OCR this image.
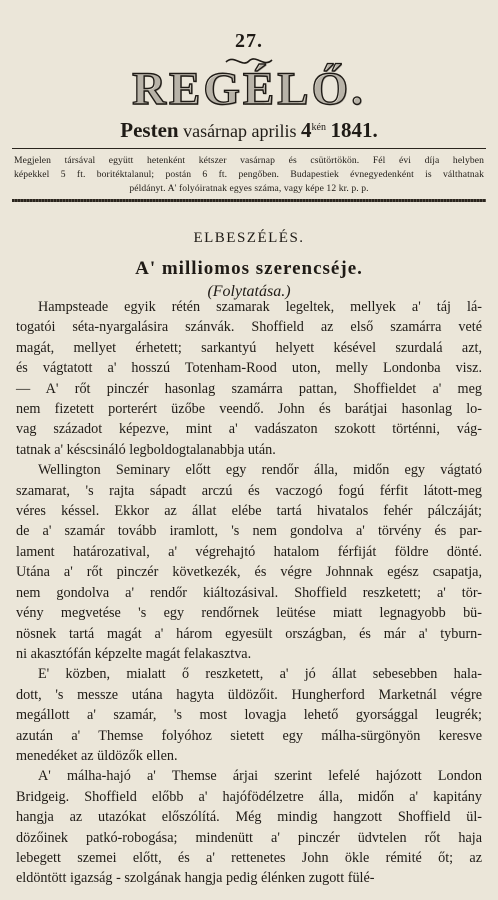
27.
REGÉLŐ.
Pesten vasárnap aprilis $4^{kén}$ 1841.
Megjelen társával együtt hetenként kétszer vasárnap és csütörtökön. Fél évi díja helyben
képekkel 5 ft. boritéktalanul; postán 6 ft. pengőben. Budapestiek évnegyedenként is válthatnak
példányt. A' folyóiratnak egyes száma, vagy képe 12 kr. p. p.
ELBESZÉLÉS.
A' milliomos szerencséje.
(Folytatása.)

Hampsteade egyik rétén szamarak legeltek, mellyek a' táj lá-
togatói séta-nyargalásira szánvák. Shoffield az első szamárra veté
magát, mellyet érhetett; sarkantyú helyett késével szurdalá azt,
és vágtatott a' hosszú Totenham-Rood uton, melly Londonba visz.
— A' rőt pinczér hasonlag szamárra pattan, Shoffieldet a' meg
nem fizetett porterért üzőbe veendő. John és barátjai hasonlag lo-
vag századot képezve, mint a' vadászaton szokott történni, vág-
tatnak a' késcsináló legboldogtalanabbja után.

Wellington Seminary előtt egy rendőr álla, midőn egy vágtató
szamarat, 's rajta sápadt arczú és vaczogó fogú férfit látott-meg
véres késsel. Ekkor az állat elébe tartá hivatalos fehér pálczáját;
de a' szamár tovább iramlott, 's nem gondolva a' törvény és par-
lament határozatival, a' végrehajtó hatalom férfiját földre dönté.
Utána a' rőt pinczér következék, és végre Johnnak egész csapatja,
nem gondolva a' rendőr kiáltozásival. Shoffield reszketett; a' tör-
vény megvetése 's egy rendőrnek leütése miatt legnagyobb bü-
nösnek tartá magát a' három egyesült országban, és már a' tyburn-
ni akasztófán képzelte magát felakasztva.

E' közben, mialatt ő reszketett, a' jó állat sebesebben hala-
dott, 's messze utána hagyta üldözőit. Hungherford Marketnál végre
megállott a' szamár, 's most lovagja lehető gyorsággal leugrék;
azután a' Themse folyóhoz sietett egy málha-sürgönyön keresve
menedéket az üldözők ellen.

A' málha-hajó a' Themse árjai szerint lefelé hajózott London
Bridgeig. Shoffield előbb a' hajófödélzetre álla, midőn a' kapitány
hangja az utazókat előszólítá. Még mindig hangzott Shoffield ül-
dözőinek patkó-robogása; mindenütt a' pinczér üdvtelen rőt haja
lebegett szemei előtt, és a' rettenetes John ökle rémité őt; az
eldöntött igazság - szolgának hangja pedig élénken zugott fülé-
